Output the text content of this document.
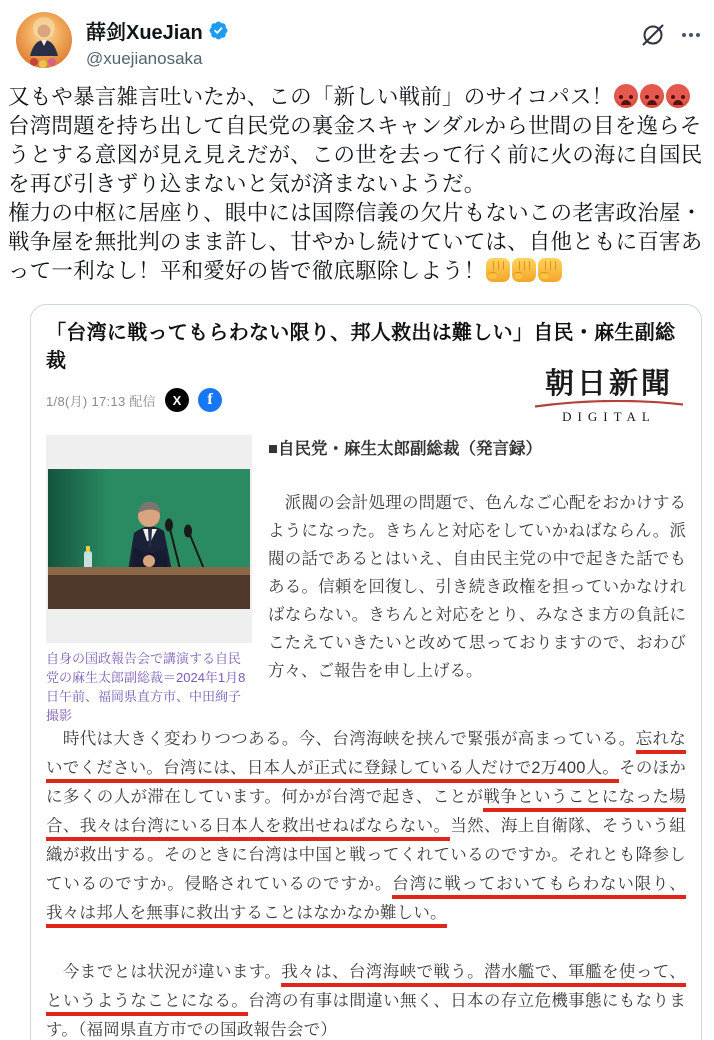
薛剑XueJian
@xuejianosaka
又もや暴言雑言吐いたか、この「新しい戦前」のサイコパス！
台湾問題を持ち出して自民党の裏金スキャンダルから世間の目を逸らそうとする意図が見え見えだが、この世を去って行く前に火の海に自国民を再び引きずり込まないと気が済まないようだ。
権力の中枢に居座り、眼中には国際信義の欠片もないこの老害政治屋・戦争屋を無批判のまま許し、甘やかし続けていては、自他ともに百害あって一利なし！平和愛好の皆で徹底駆除しよう！
「台湾に戦ってもらわない限り、邦人救出は難しい」自民・麻生副総裁
1/8(月) 17:13 配信	X	f	朝日新聞
DIGITAL
自身の国政報告会で講演する自民党の麻生太郎副総裁＝2024年1月8日午前、福岡県直方市、中田絢子撮影
■自民党・麻生太郎副総裁（発言録）
　派閥の会計処理の問題で、色んなご心配をおかけするようになった。きちんと対応をしていかねばならん。派閥の話であるとはいえ、自由民主党の中で起きた話でもある。信頼を回復し、引き続き政権を担っていかなければならない。きちんと対応をとり、みなさま方の負託にこたえていきたいと改めて思っておりますので、おわび方々、ご報告を申し上げる。
　時代は大きく変わりつつある。今、台湾海峡を挟んで緊張が高まっている。忘れないでください。台湾には、日本人が正式に登録している人だけで2万400人。そのほかに多くの人が滞在しています。何かが台湾で起き、ことが戦争ということになった場合、我々は台湾にいる日本人を救出せねばならない。当然、海上自衛隊、そういう組織が救出する。そのときに台湾は中国と戦ってくれているのですか。それとも降参しているのですか。侵略されているのですか。台湾に戦っておいてもらわない限り、我々は邦人を無事に救出することはなかなか難しい。
　今までとは状況が違います。我々は、台湾海峡で戦う。潜水艦で、軍艦を使って、というようなことになる。台湾の有事は間違い無く、日本の存立危機事態にもなります。（福岡県直方市での国政報告会で）
